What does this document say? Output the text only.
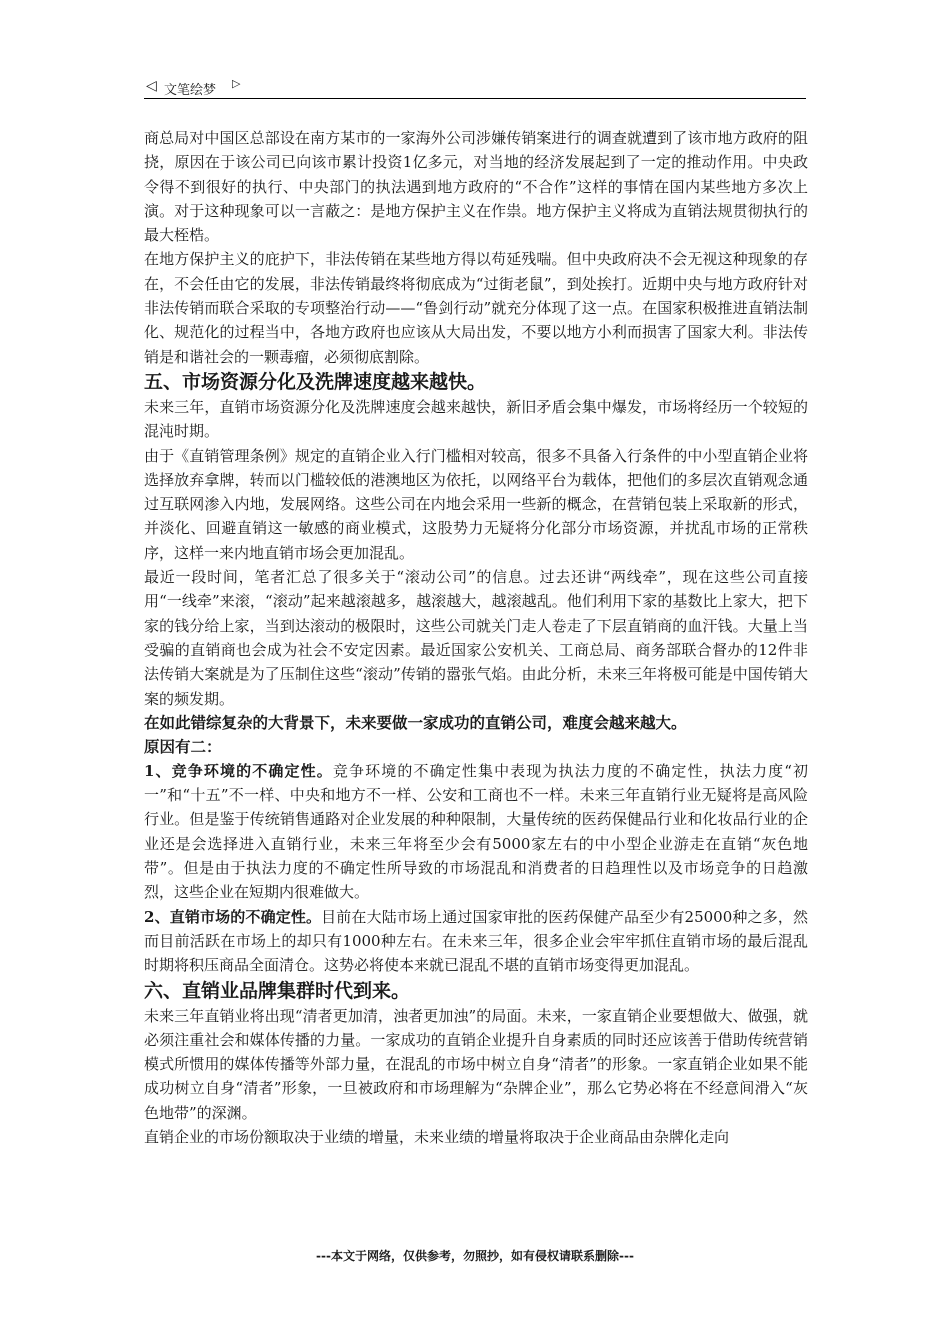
◁ 文笔绘梦 ▷

商总局对中国区总部设在南方某市的一家海外公司涉嫌传销案进行的调查就遭到了该市地方政府的阻挠，原因在于该公司已向该市累计投资1亿多元，对当地的经济发展起到了一定的推动作用。中央政令得不到很好的执行、中央部门的执法遇到地方政府的“不合作”这样的事情在国内某些地方多次上演。对于这种现象可以一言蔽之：是地方保护主义在作祟。地方保护主义将成为直销法规贯彻执行的最大桎梏。

在地方保护主义的庇护下，非法传销在某些地方得以苟延残喘。但中央政府决不会无视这种现象的存在，不会任由它的发展，非法传销最终将彻底成为“过街老鼠”，到处挨打。近期中央与地方政府针对非法传销而联合采取的专项整治行动——“鲁剑行动”就充分体现了这一点。在国家积极推进直销法制化、规范化的过程当中，各地方政府也应该从大局出发，不要以地方小利而损害了国家大利。非法传销是和谐社会的一颗毒瘤，必须彻底割除。

五、市场资源分化及洗牌速度越来越快。

未来三年，直销市场资源分化及洗牌速度会越来越快，新旧矛盾会集中爆发，市场将经历一个较短的混沌时期。

由于《直销管理条例》规定的直销企业入行门槛相对较高，很多不具备入行条件的中小型直销企业将选择放弃拿牌，转而以门槛较低的港澳地区为依托，以网络平台为载体，把他们的多层次直销观念通过互联网渗入内地，发展网络。这些公司在内地会采用一些新的概念，在营销包装上采取新的形式，并淡化、回避直销这一敏感的商业模式，这股势力无疑将分化部分市场资源，并扰乱市场的正常秩序，这样一来内地直销市场会更加混乱。

最近一段时间，笔者汇总了很多关于“滚动公司”的信息。过去还讲“两线牵”，现在这些公司直接用“一线牵”来滚，“滚动”起来越滚越多，越滚越大，越滚越乱。他们利用下家的基数比上家大，把下家的钱分给上家，当到达滚动的极限时，这些公司就关门走人卷走了下层直销商的血汗钱。大量上当受骗的直销商也会成为社会不安定因素。最近国家公安机关、工商总局、商务部联合督办的12件非法传销大案就是为了压制住这些“滚动”传销的嚣张气焰。由此分析，未来三年将极可能是中国传销大案的频发期。

在如此错综复杂的大背景下，未来要做一家成功的直销公司，难度会越来越大。

原因有二：

1、竞争环境的不确定性。竞争环境的不确定性集中表现为执法力度的不确定性，执法力度“初一”和“十五”不一样、中央和地方不一样、公安和工商也不一样。未来三年直销行业无疑将是高风险行业。但是鉴于传统销售通路对企业发展的种种限制，大量传统的医药保健品行业和化妆品行业的企业还是会选择进入直销行业，未来三年将至少会有5000家左右的中小型企业游走在直销“灰色地带”。但是由于执法力度的不确定性所导致的市场混乱和消费者的日趋理性以及市场竞争的日趋激烈，这些企业在短期内很难做大。

2、直销市场的不确定性。目前在大陆市场上通过国家审批的医药保健产品至少有25000种之多，然而目前活跃在市场上的却只有1000种左右。在未来三年，很多企业会牢牢抓住直销市场的最后混乱时期将积压商品全面清仓。这势必将使本来就已混乱不堪的直销市场变得更加混乱。

六、直销业品牌集群时代到来。

未来三年直销业将出现“清者更加清，浊者更加浊”的局面。未来，一家直销企业要想做大、做强，就必须注重社会和媒体传播的力量。一家成功的直销企业提升自身素质的同时还应该善于借助传统营销模式所惯用的媒体传播等外部力量，在混乱的市场中树立自身“清者”的形象。一家直销企业如果不能成功树立自身“清者”形象，一旦被政府和市场理解为“杂牌企业”，那么它势必将在不经意间滑入“灰色地带”的深渊。

直销企业的市场份额取决于业绩的增量，未来业绩的增量将取决于企业商品由杂牌化走向

---本文于网络，仅供参考，勿照抄，如有侵权请联系删除---
